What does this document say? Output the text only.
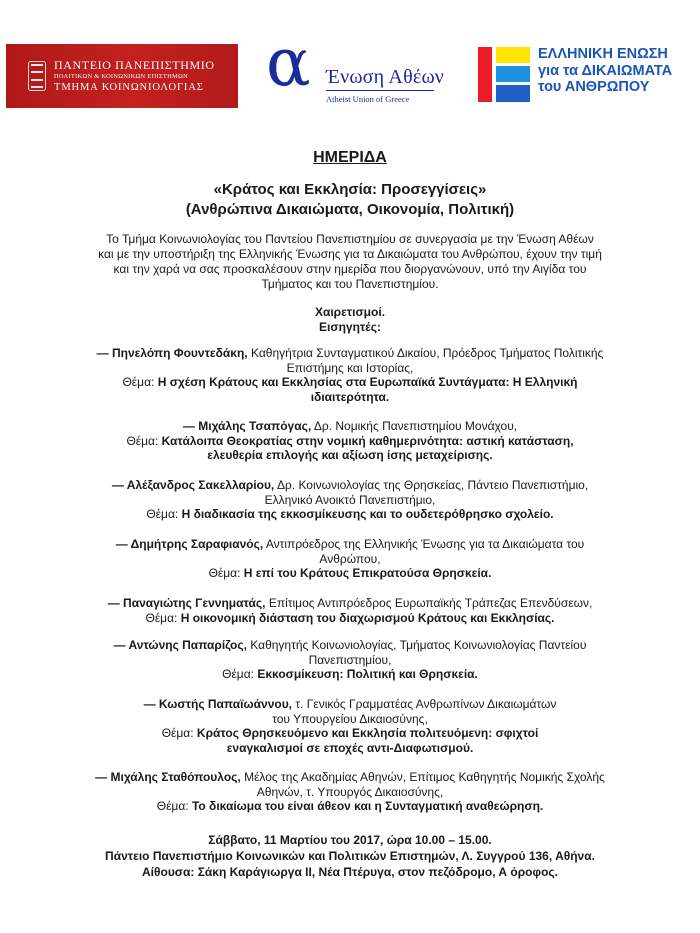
ΠΑΝΤΕΙΟ ΠΑΝΕΠΙΣΤΗΜΙΟ
ΠΟΛΙΤΙΚΩΝ & ΚΟΙΝΩΝΙΚΩΝ ΕΠΙΣΤΗΜΩΝ
ΤΜΗΜΑ ΚΟΙΝΩΝΙΟΛΟΓΙΑΣ α Ένωση Αθέων
Atheist Union of Greece
ΕΛΛΗΝΙΚΗ ΕΝΩΣΗ
για τα ΔΙΚΑΙΩΜΑΤΑ
του ΑΝΘΡΩΠΟΥ
ΗΜΕΡΙΔΑ
«Κράτος και Εκκλησία: Προσεγγίσεις»
(Ανθρώπινα Δικαιώματα, Οικονομία, Πολιτική)
Το Τμήμα Κοινωνιολογίας του Παντείου Πανεπιστημίου σε συνεργασία με την Ένωση Αθέων
και με την υποστήριξη της Ελληνικής Ένωσης για τα Δικαιώματα του Ανθρώπου, έχουν την τιμή
και την χαρά να σας προσκαλέσουν στην ημερίδα που διοργανώνουν, υπό την Αιγίδα του
Τμήματος και του Πανεπιστημίου.
Χαιρετισμοί.
Εισηγητές:
— Πηνελόπη Φουντεδάκη, Καθηγήτρια Συνταγματικού Δικαίου, Πρόεδρος Τμήματος Πολιτικής
Επιστήμης και Ιστορίας,
Θέμα: Η σχέση Κράτους και Εκκλησίας στα Ευρωπαϊκά Συντάγματα: Η Ελληνική
ιδιαιτερότητα.
— Μιχάλης Τσαπόγας, Δρ. Νομικής Πανεπιστημίου Μονάχου,
Θέμα: Κατάλοιπα Θεοκρατίας στην νομική καθημερινότητα: αστική κατάσταση,
ελευθερία επιλογής και αξίωση ίσης μεταχείρισης.
— Αλέξανδρος Σακελλαρίου, Δρ. Κοινωνιολογίας της Θρησκείας, Πάντειο Πανεπιστήμιο,
Ελληνικό Ανοικτό Πανεπιστήμιο,
Θέμα: Η διαδικασία της εκκοσμίκευσης και το ουδετερόθρησκο σχολείο.
— Δημήτρης Σαραφιανός, Αντιπρόεδρος της Ελληνικής Ένωσης για τα Δικαιώματα του
Ανθρώπου,
Θέμα: Η επί του Κράτους Επικρατούσα Θρησκεία.
— Παναγιώτης Γεννηματάς, Επίτιμος Αντιπρόεδρος Ευρωπαϊκής Τράπεζας Επενδύσεων,
Θέμα: Η οικονομική διάσταση του διαχωρισμού Κράτους και Εκκλησίας.
— Αντώνης Παπαρίζος, Καθηγητής Κοινωνιολογίας, Τμήματος Κοινωνιολογίας Παντείου
Πανεπιστημίου,
Θέμα: Εκκοσμίκευση: Πολιτική και Θρησκεία.
— Κωστής Παπαϊωάννου, τ. Γενικός Γραμματέας Ανθρωπίνων Δικαιωμάτων
του Υπουργείου Δικαιοσύνης,
Θέμα: Κράτος Θρησκευόμενο και Εκκλησία πολιτευόμενη: σφιχτοί
εναγκαλισμοί σε εποχές αντι-Διαφωτισμού.
— Μιχάλης Σταθόπουλος, Μέλος της Ακαδημίας Αθηνών, Επίτιμος Καθηγητής Νομικής Σχολής
Αθηνών, τ. Υπουργός Δικαιοσύνης,
Θέμα: Το δικαίωμα του είναι άθεον και η Συνταγματική αναθεώρηση.
Σάββατο, 11 Μαρτίου του 2017, ώρα 10.00 – 15.00.
Πάντειο Πανεπιστήμιο Κοινωνικών και Πολιτικών Επιστημών, Λ. Συγγρού 136, Αθήνα.
Αίθουσα: Σάκη Καράγιωργα ΙΙ, Νέα Πτέρυγα, στον πεζόδρομο, Α όροφος.
